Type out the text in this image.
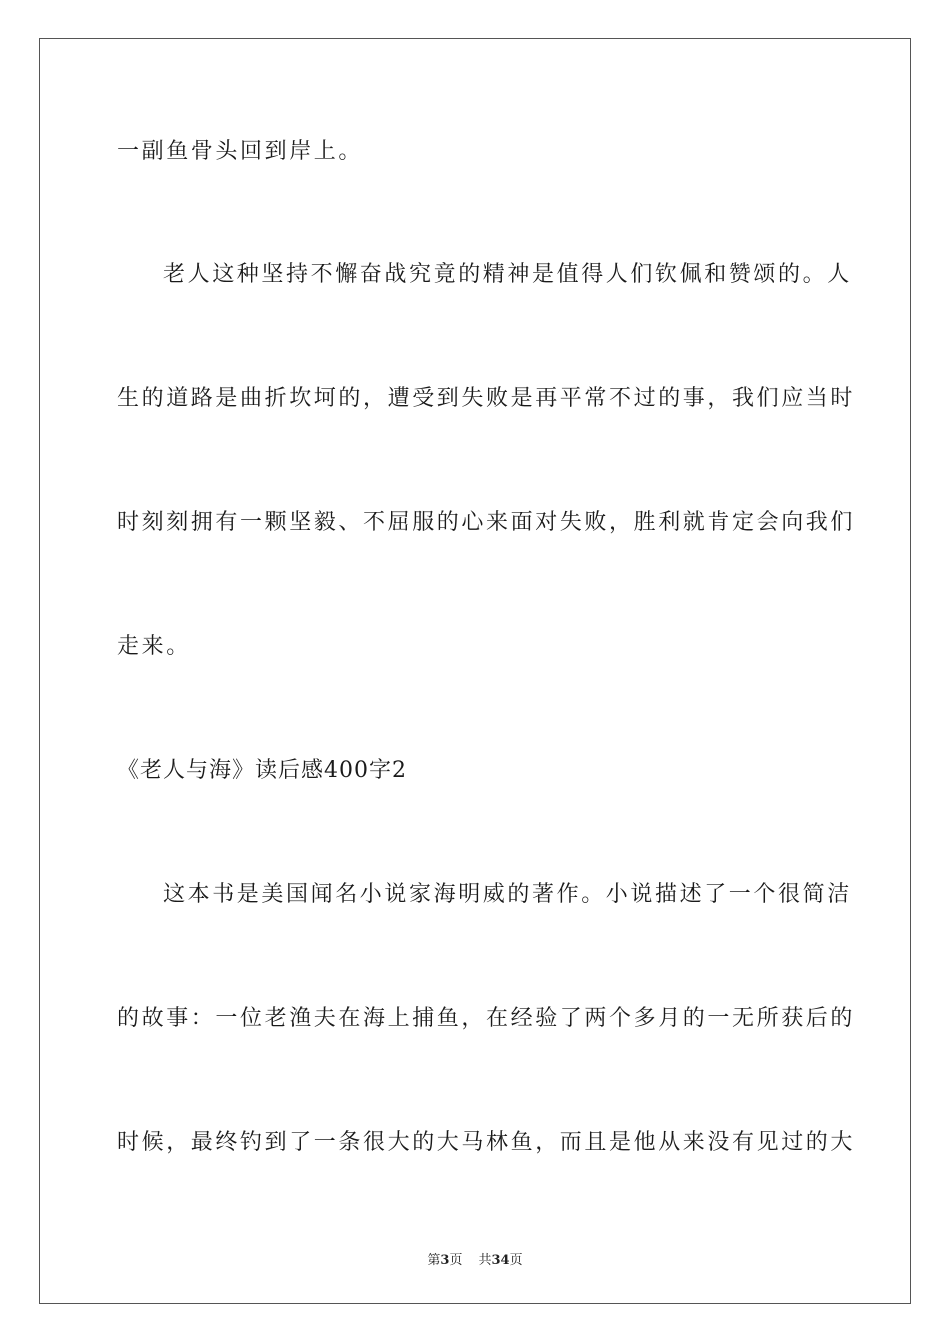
一副鱼骨头回到岸上。
老人这种坚持不懈奋战究竟的精神是值得人们钦佩和赞颂的。人
生的道路是曲折坎坷的，遭受到失败是再平常不过的事，我们应当时
时刻刻拥有一颗坚毅、不屈服的心来面对失败，胜利就肯定会向我们
走来。
《老人与海》读后感400字2
这本书是美国闻名小说家海明威的著作。小说描述了一个很简洁
的故事：一位老渔夫在海上捕鱼，在经验了两个多月的一无所获后的
时候，最终钓到了一条很大的大马林鱼，而且是他从来没有见过的大
第3页 共34页
